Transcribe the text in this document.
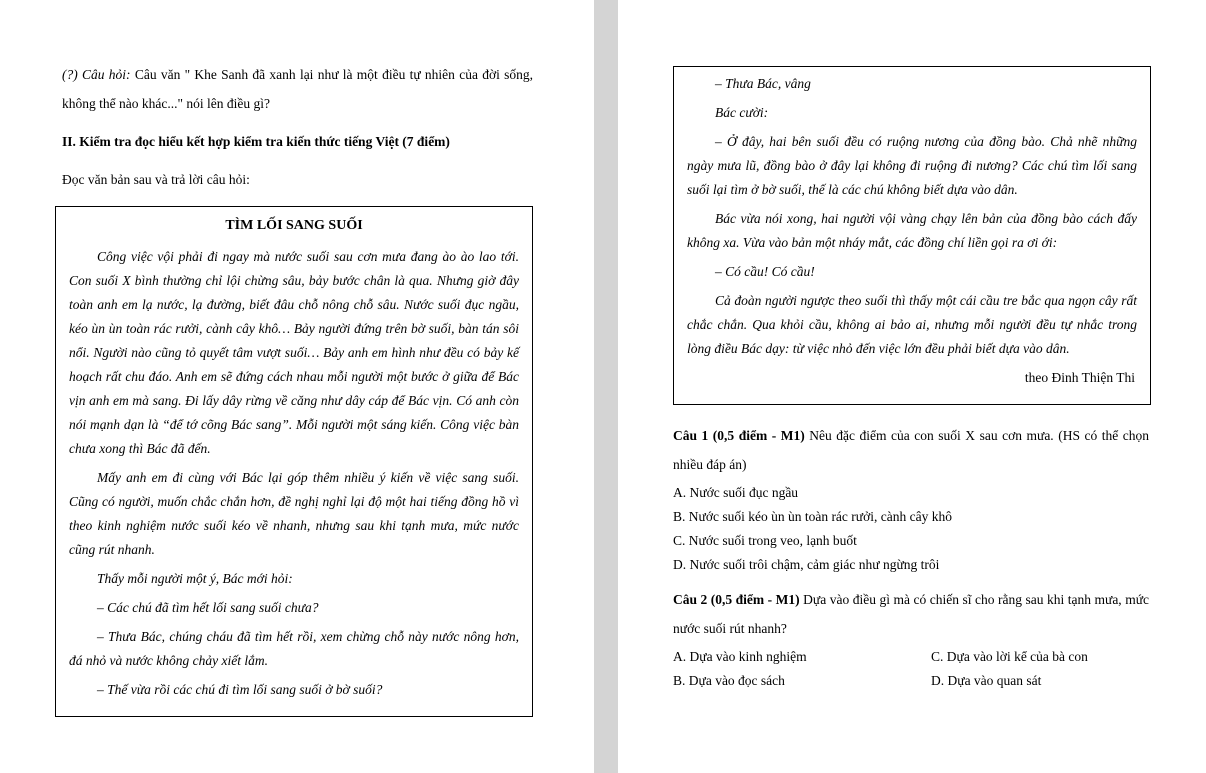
(?) Câu hỏi: Câu văn " Khe Sanh đã xanh lại như là một điều tự nhiên của đời sống, không thể nào khác..." nói lên điều gì?

II. Kiểm tra đọc hiểu kết hợp kiểm tra kiến thức tiếng Việt (7 điểm)

Đọc văn bản sau và trả lời câu hỏi:

TÌM LỐI SANG SUỐI

Công việc vội phải đi ngay mà nước suối sau cơn mưa đang ào ào lao tới. Con suối X bình thường chỉ lội chừng sâu, bảy bước chân là qua. Nhưng giờ đây toàn anh em lạ nước, lạ đường, biết đâu chỗ nông chỗ sâu. Nước suối đục ngầu, kéo ùn ùn toàn rác rưởi, cành cây khô… Bảy người đứng trên bờ suối, bàn tán sôi nổi. Người nào cũng tỏ quyết tâm vượt suối… Bảy anh em hình như đều có bảy kế hoạch rất chu đáo. Anh em sẽ đứng cách nhau mỗi người một bước ở giữa để Bác vịn anh em mà sang. Đi lấy dây rừng về căng như dây cáp để Bác vịn. Có anh còn nói mạnh dạn là “để tớ cõng Bác sang”. Mỗi người một sáng kiến. Công việc bàn chưa xong thì Bác đã đến.

Mấy anh em đi cùng với Bác lại góp thêm nhiều ý kiến về việc sang suối. Cũng có người, muốn chắc chắn hơn, đề nghị nghỉ lại độ một hai tiếng đồng hồ vì theo kinh nghiệm nước suối kéo về nhanh, nhưng sau khi tạnh mưa, mức nước cũng rút nhanh.

Thấy mỗi người một ý, Bác mới hỏi:

– Các chú đã tìm hết lối sang suối chưa?

– Thưa Bác, chúng cháu đã tìm hết rồi, xem chừng chỗ này nước nông hơn, đá nhỏ và nước không chảy xiết lắm.

– Thế vừa rồi các chú đi tìm lối sang suối ở bờ suối?

– Thưa Bác, vâng

Bác cười:

– Ở đây, hai bên suối đều có ruộng nương của đồng bào. Chả nhẽ những ngày mưa lũ, đồng bào ở đây lại không đi ruộng đi nương? Các chú tìm lối sang suối lại tìm ở bờ suối, thế là các chú không biết dựa vào dân.

Bác vừa nói xong, hai người vội vàng chạy lên bản của đồng bào cách đấy không xa. Vừa vào bản một nháy mắt, các đồng chí liền gọi ra ơi ới:

– Có cầu! Có cầu!

Cả đoàn người ngược theo suối thì thấy một cái cầu tre bắc qua ngọn cây rất chắc chắn. Qua khỏi cầu, không ai bảo ai, nhưng mỗi người đều tự nhắc trong lòng điều Bác dạy: từ việc nhỏ đến việc lớn đều phải biết dựa vào dân.

theo Đinh Thiện Thi

Câu 1 (0,5 điểm - M1) Nêu đặc điểm của con suối X sau cơn mưa. (HS có thể chọn nhiều đáp án)

A. Nước suối đục ngầu

B. Nước suối kéo ùn ùn toàn rác rưởi, cành cây khô

C. Nước suối trong veo, lạnh buốt

D. Nước suối trôi chậm, cảm giác như ngừng trôi

Câu 2 (0,5 điểm - M1) Dựa vào điều gì mà có chiến sĩ cho rằng sau khi tạnh mưa, mức nước suối rút nhanh?

A. Dựa vào kinh nghiệm

B. Dựa vào đọc sách

C. Dựa vào lời kể của bà con

D. Dựa vào quan sát
